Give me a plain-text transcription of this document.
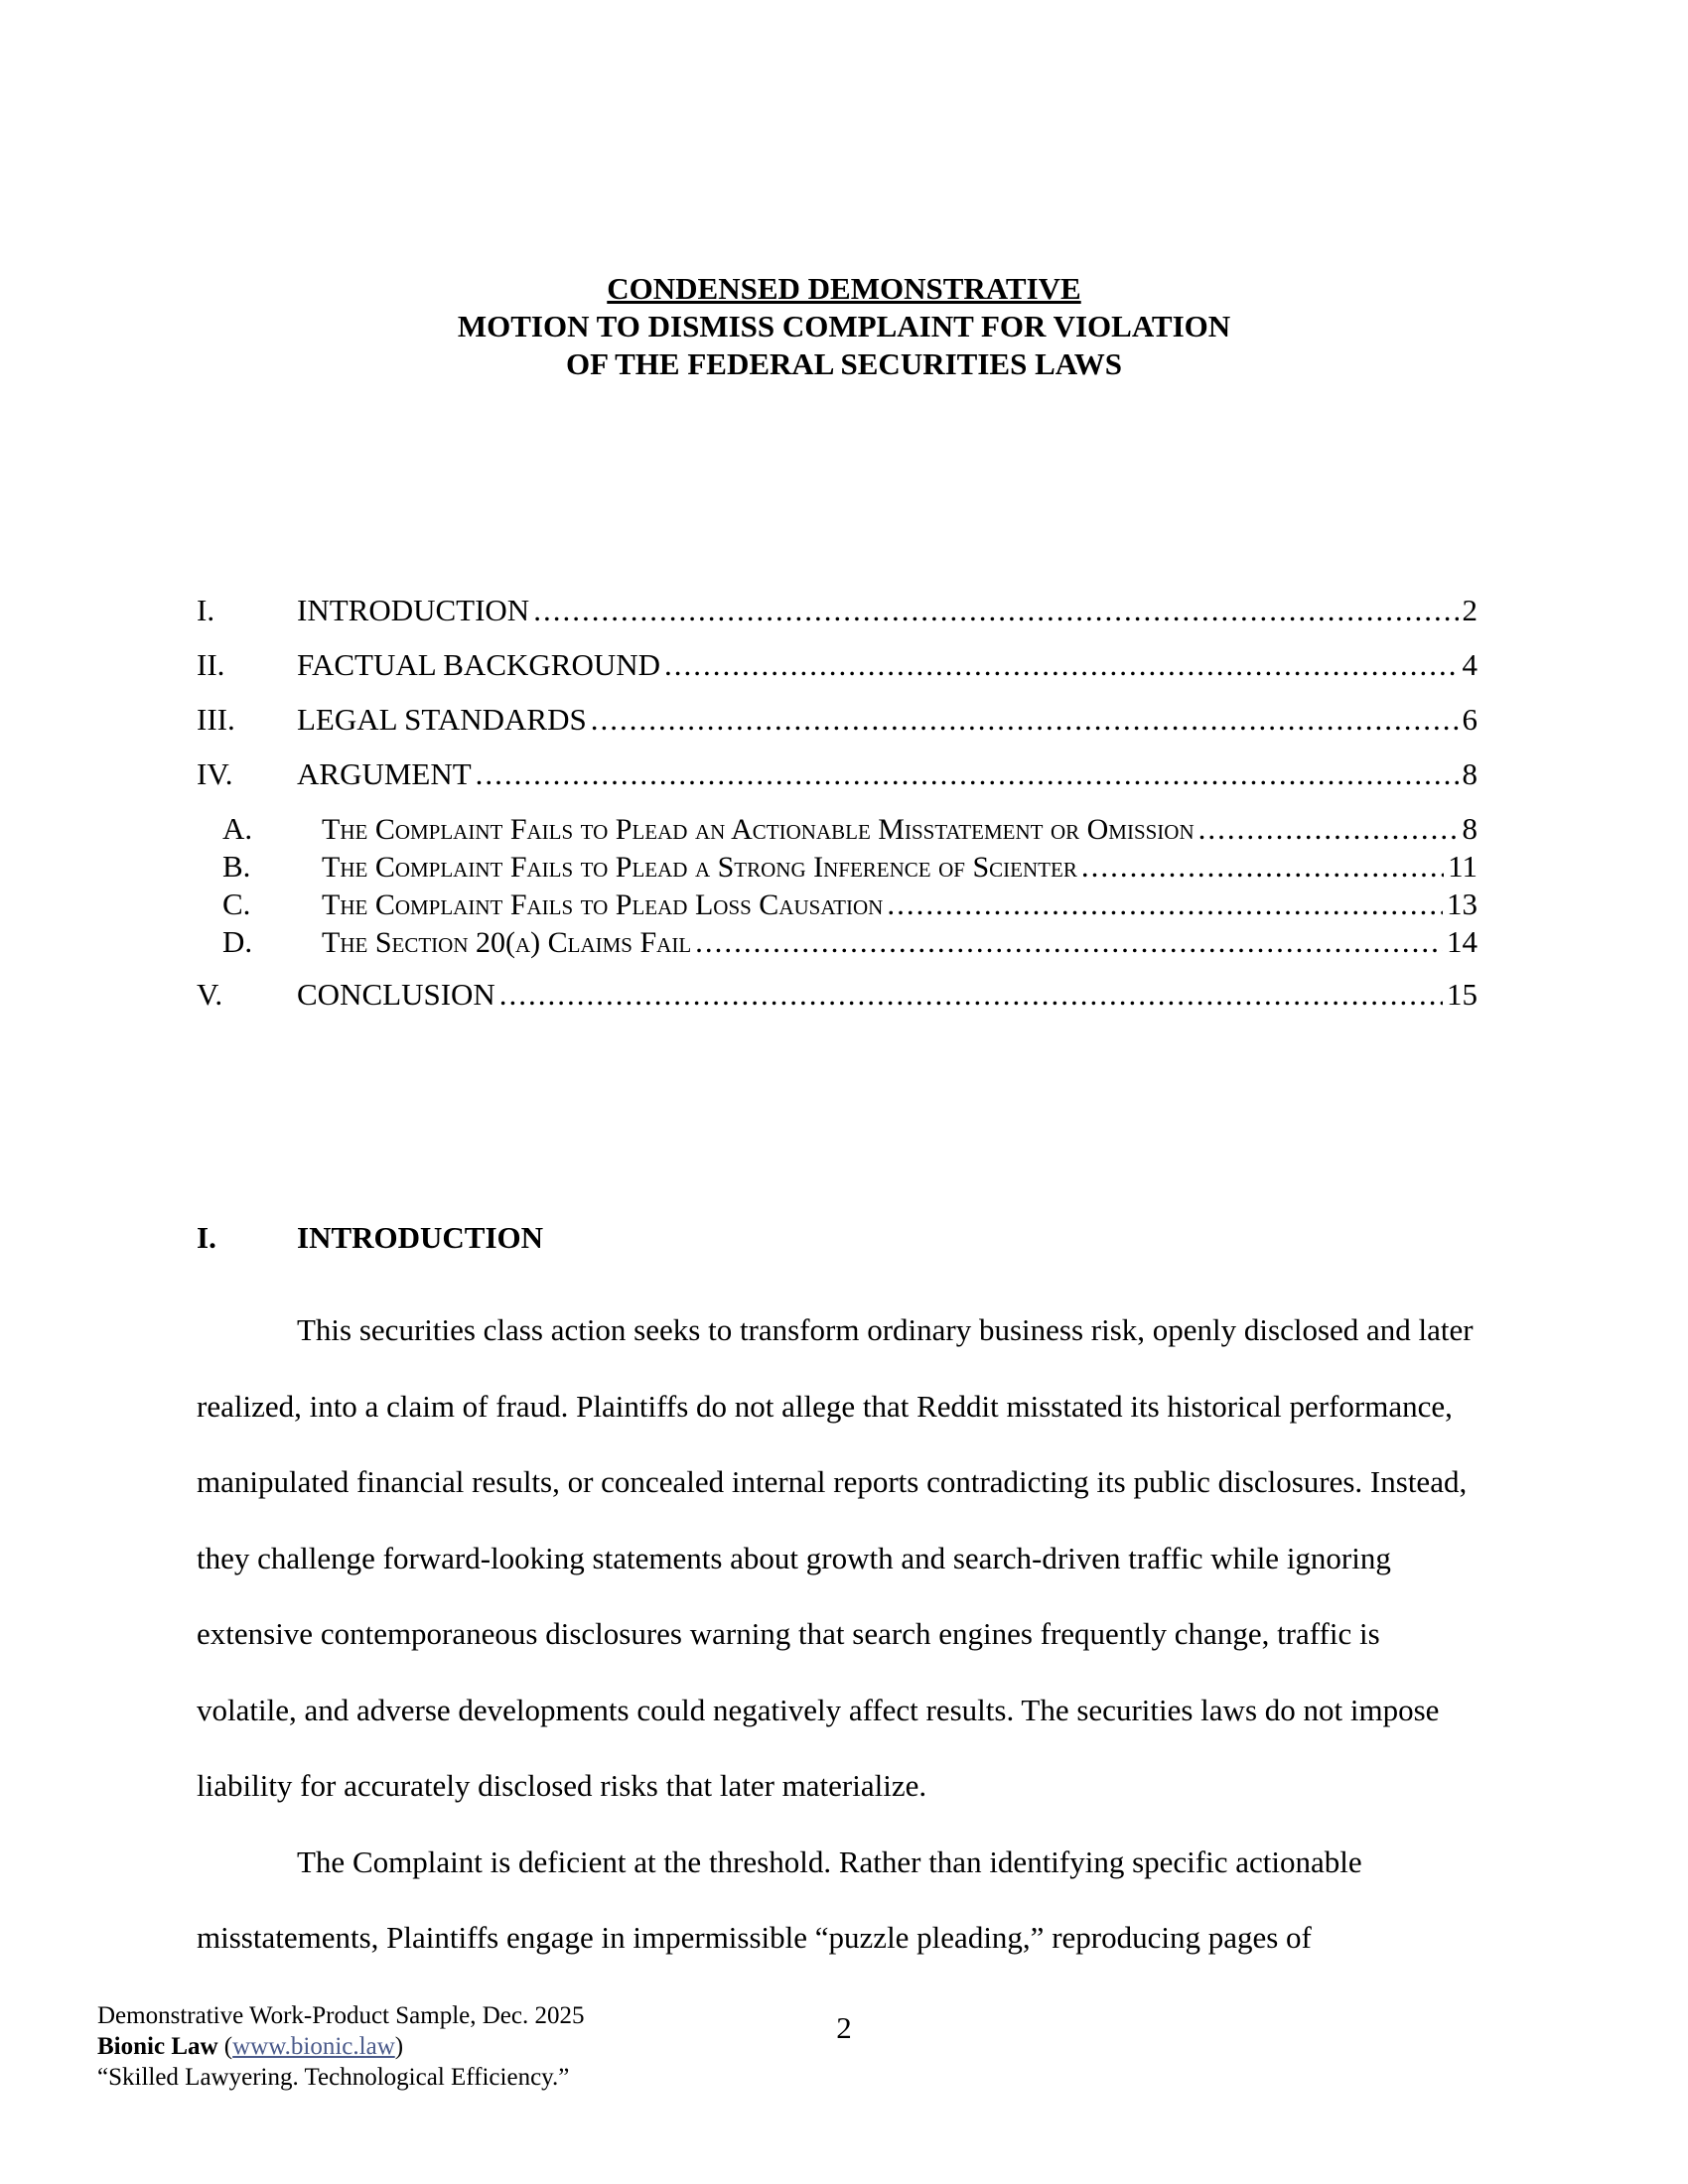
CONDENSED DEMONSTRATIVE
MOTION TO DISMISS COMPLAINT FOR VIOLATION
OF THE FEDERAL SECURITIES LAWS
I.	INTRODUCTION .....	2
II. FACTUAL BACKGROUND .....	4
III. LEGAL STANDARDS .....	6
IV. ARGUMENT .....	8
A. The Complaint Fails to Plead an Actionable Misstatement or Omission .....	8
B. The Complaint Fails to Plead a Strong Inference of Scienter .....	11
C. The Complaint Fails to Plead Loss Causation .....	13
D. The Section 20(a) Claims Fail .....	14
V. CONCLUSION .....	15
I.	INTRODUCTION

This securities class action seeks to transform ordinary business risk, openly disclosed and later realized, into a claim of fraud. Plaintiffs do not allege that Reddit misstated its historical performance, manipulated financial results, or concealed internal reports contradicting its public disclosures. Instead, they challenge forward-looking statements about growth and search-driven traffic while ignoring extensive contemporaneous disclosures warning that search engines frequently change, traffic is volatile, and adverse developments could negatively affect results. The securities laws do not impose liability for accurately disclosed risks that later materialize.

The Complaint is deficient at the threshold. Rather than identifying specific actionable misstatements, Plaintiffs engage in impermissible “puzzle pleading,” reproducing pages of

Demonstrative Work-Product Sample, Dec. 2025
Bionic Law (www.bionic.law)
“Skilled Lawyering. Technological Efficiency.”
2
